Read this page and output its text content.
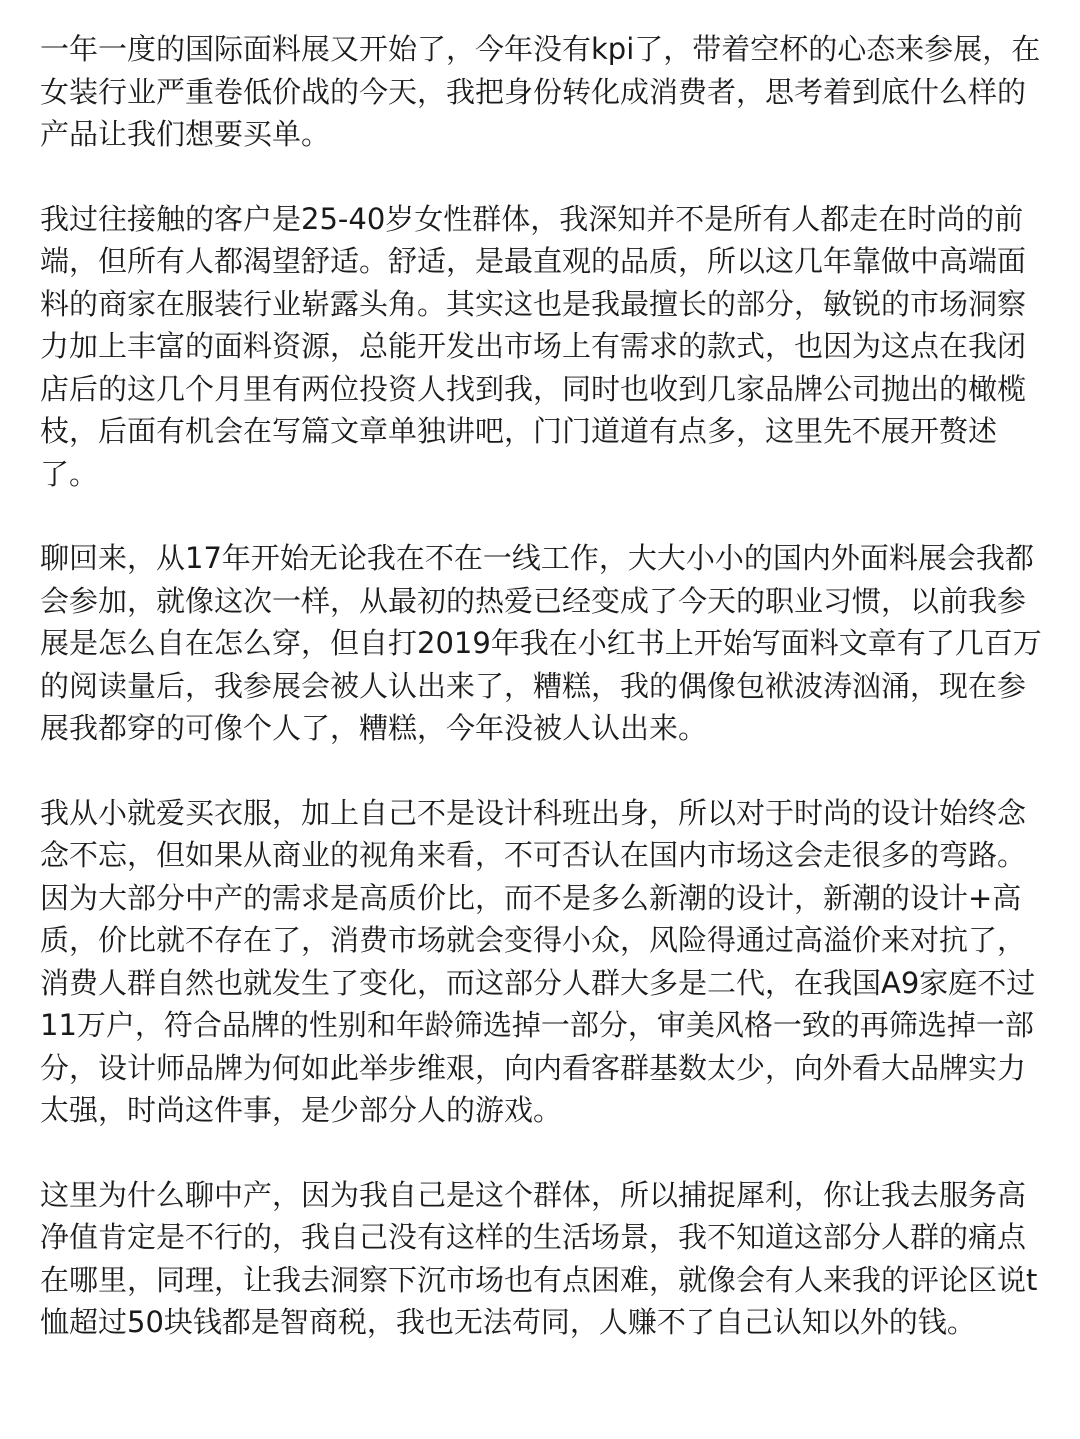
一年一度的国际面料展又开始了，今年没有kpi了，带着空杯的心态来参展，在
女装行业严重卷低价战的今天，我把身份转化成消费者，思考着到底什么样的
产品让我们想要买单。

我过往接触的客户是25-40岁女性群体，我深知并不是所有人都走在时尚的前
端，但所有人都渴望舒适。舒适，是最直观的品质，所以这几年靠做中高端面
料的商家在服装行业崭露头角。其实这也是我最擅长的部分，敏锐的市场洞察
力加上丰富的面料资源，总能开发出市场上有需求的款式，也因为这点在我闭
店后的这几个月里有两位投资人找到我，同时也收到几家品牌公司抛出的橄榄
枝，后面有机会在写篇文章单独讲吧，门门道道有点多，这里先不展开赘述
了。

聊回来，从17年开始无论我在不在一线工作，大大小小的国内外面料展会我都
会参加，就像这次一样，从最初的热爱已经变成了今天的职业习惯，以前我参
展是怎么自在怎么穿，但自打2019年我在小红书上开始写面料文章有了几百万
的阅读量后，我参展会被人认出来了，糟糕，我的偶像包袱波涛汹涌，现在参
展我都穿的可像个人了，糟糕，今年没被人认出来。

我从小就爱买衣服，加上自己不是设计科班出身，所以对于时尚的设计始终念
念不忘，但如果从商业的视角来看，不可否认在国内市场这会走很多的弯路。
因为大部分中产的需求是高质价比，而不是多么新潮的设计，新潮的设计+高
质，价比就不存在了，消费市场就会变得小众，风险得通过高溢价来对抗了，
消费人群自然也就发生了变化，而这部分人群大多是二代，在我国A9家庭不过
11万户，符合品牌的性别和年龄筛选掉一部分，审美风格一致的再筛选掉一部
分，设计师品牌为何如此举步维艰，向内看客群基数太少，向外看大品牌实力
太强，时尚这件事，是少部分人的游戏。

这里为什么聊中产，因为我自己是这个群体，所以捕捉犀利，你让我去服务高
净值肯定是不行的，我自己没有这样的生活场景，我不知道这部分人群的痛点
在哪里，同理，让我去洞察下沉市场也有点困难，就像会有人来我的评论区说t
恤超过50块钱都是智商税，我也无法苟同，人赚不了自己认知以外的钱。
